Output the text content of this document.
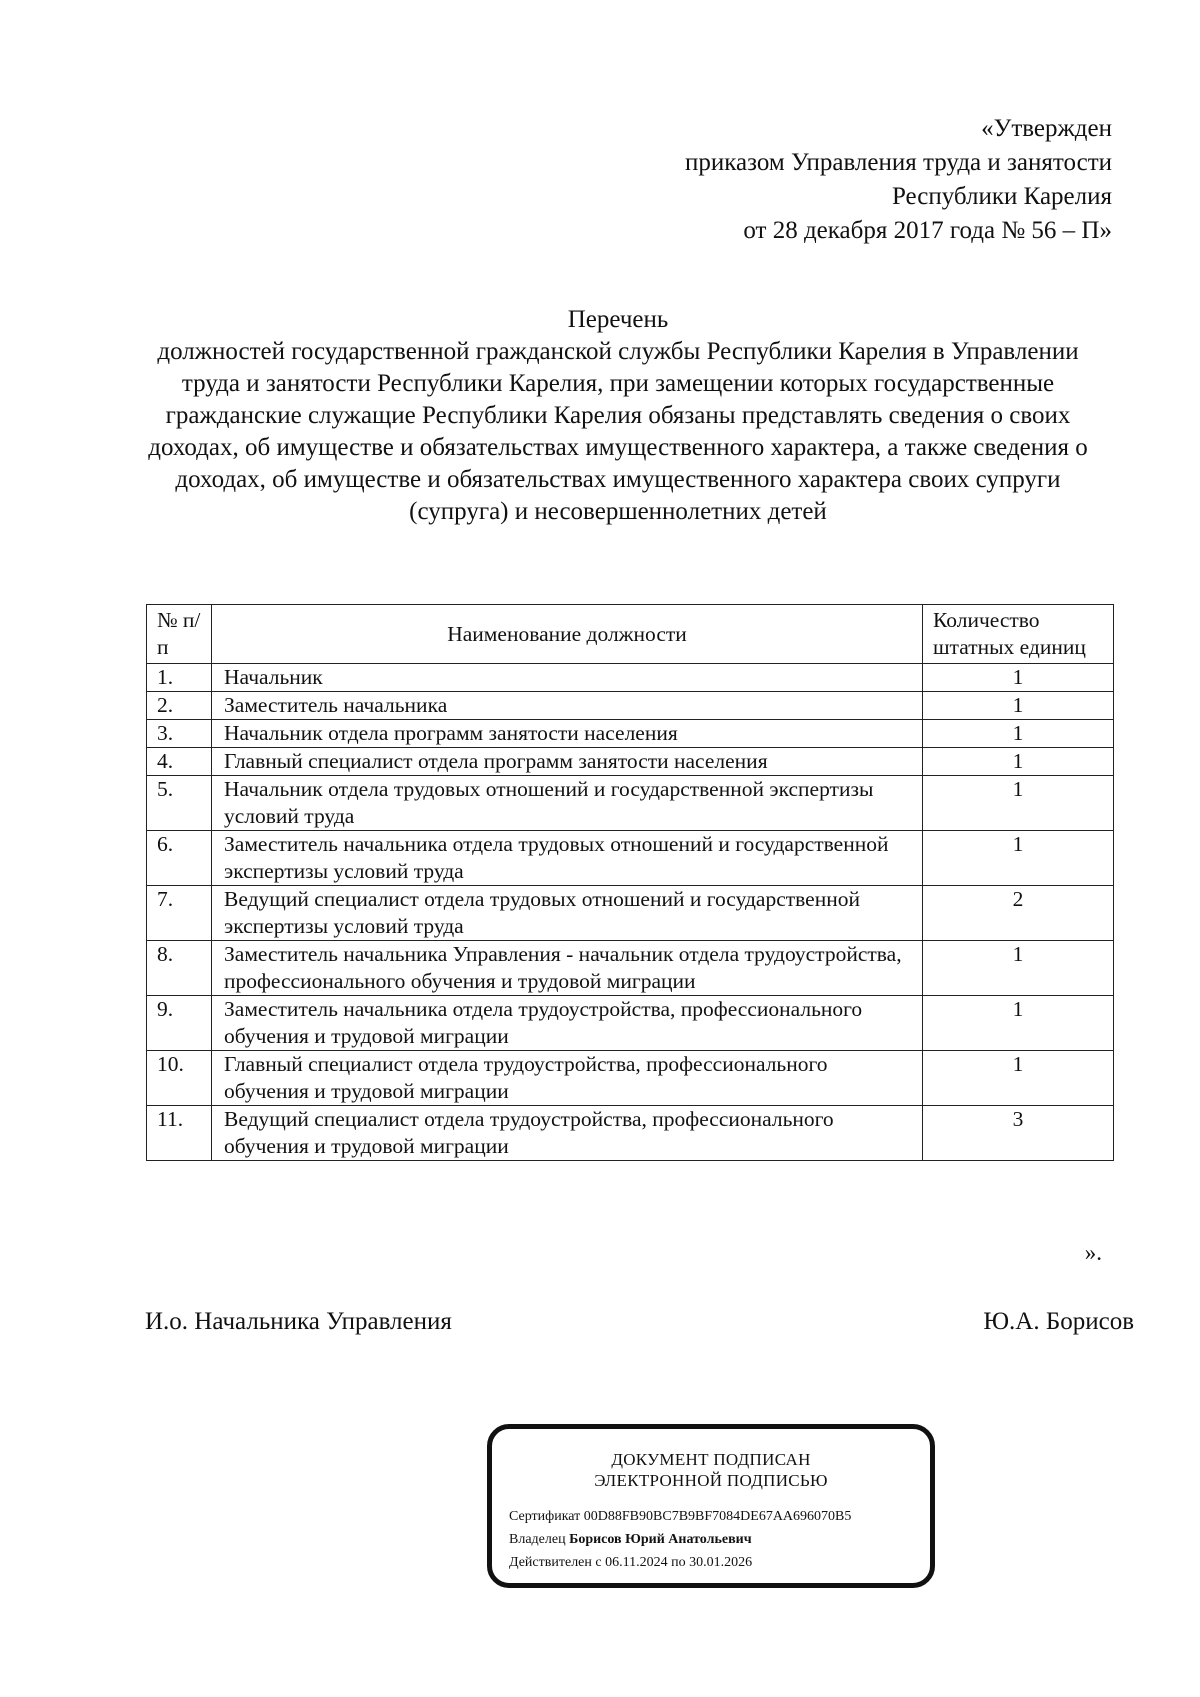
«Утвержден
приказом Управления труда и занятости
Республики Карелия
от 28 декабря 2017 года № 56 – П»
Перечень
должностей государственной гражданской службы Республики Карелия в Управлении труда и занятости Республики Карелия, при замещении которых государственные гражданские служащие Республики Карелия обязаны представлять сведения о своих доходах, об имуществе и обязательствах имущественного характера, а также сведения о доходах, об имуществе и обязательствах имущественного характера своих супруги (супруга) и несовершеннолетних детей
№ п/п	Наименование должности	Количество штатных единиц
1.	Начальник	1
2.	Заместитель начальника	1
3.	Начальник отдела программ занятости населения	1
4.	Главный специалист отдела программ занятости населения	1
5.	Начальник отдела трудовых отношений и государственной экспертизы условий труда	1
6.	Заместитель начальника отдела трудовых отношений и государственной экспертизы условий труда	1
7.	Ведущий специалист отдела трудовых отношений и государственной экспертизы условий труда	2
8.	Заместитель начальника Управления - начальник отдела трудоустройства, профессионального обучения и трудовой миграции	1
9.	Заместитель начальника отдела трудоустройства, профессионального обучения и трудовой миграции	1
10.	Главный специалист отдела трудоустройства, профессионального обучения и трудовой миграции	1
11.	Ведущий специалист отдела трудоустройства, профессионального обучения и трудовой миграции	3
».
И.о. Начальника Управления	Ю.А. Борисов
ДОКУМЕНТ ПОДПИСАН
ЭЛЕКТРОННОЙ ПОДПИСЬЮ
Сертификат 00D88FB90BC7B9BF7084DE67AA696070B5
Владелец Борисов Юрий Анатольевич
Действителен с 06.11.2024 по 30.01.2026
